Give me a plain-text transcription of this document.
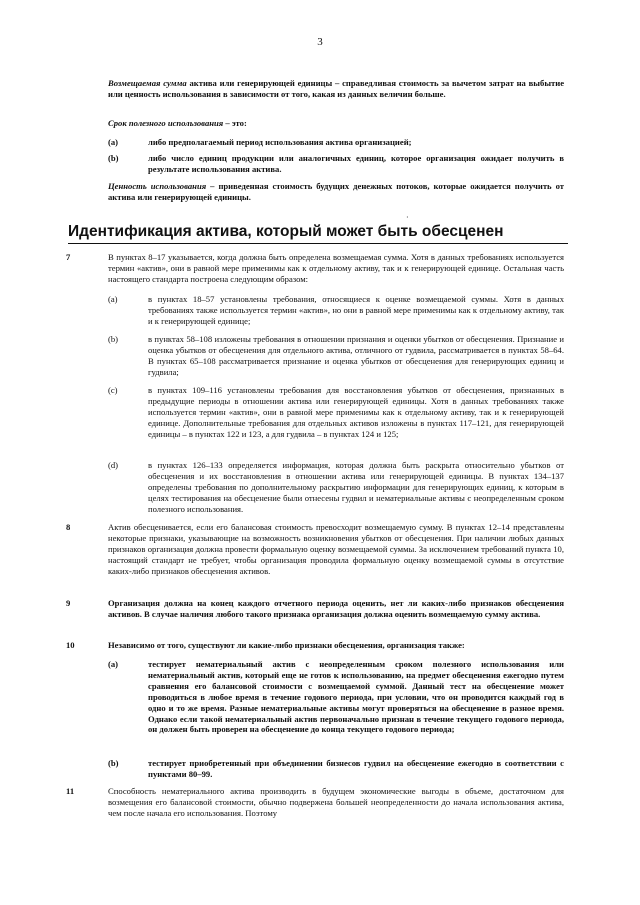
3
Возмещаемая сумма актива или генерирующей единицы – справедливая стоимость за вычетом затрат на выбытие или ценность использования в зависимости от того, какая из данных величин больше.
Срок полезного использования – это:
(a)	либо предполагаемый период использования актива организацией;
(b)	либо число единиц продукции или аналогичных единиц, которое организация ожидает получить в результате использования актива.
Ценность использования – приведенная стоимость будущих денежных потоков, которые ожидается получить от актива или генерирующей единицы.
·
Идентификация актива, который может быть обесценен
7	В пунктах 8–17 указывается, когда должна быть определена возмещаемая сумма. Хотя в данных требованиях используется термин «актив», они в равной мере применимы как к отдельному активу, так и к генерирующей единице. Остальная часть настоящего стандарта построена следующим образом:
(a)	в пунктах 18–57 установлены требования, относящиеся к оценке возмещаемой суммы. Хотя в данных требованиях также используется термин «актив», но они в равной мере применимы как к отдельному активу, так и к генерирующей единице;
(b)	в пунктах 58–108 изложены требования в отношении признания и оценки убытков от обесценения. Признание и оценка убытков от обесценения для отдельного актива, отличного от гудвила, рассматривается в пунктах 58–64. В пунктах 65–108 рассматривается признание и оценка убытков от обесценения для генерирующих единиц и гудвила;
(c)	в пунктах 109–116 установлены требования для восстановления убытков от обесценения, признанных в предыдущие периоды в отношении актива или генерирующей единицы. Хотя в данных требованиях также используется термин «актив», они в равной мере применимы как к отдельному активу, так и к генерирующей единице. Дополнительные требования для отдельных активов изложены в пунктах 117–121, для генерирующей единицы – в пунктах 122 и 123, а для гудвила – в пунктах 124 и 125;
(d)	в пунктах 126–133 определяется информация, которая должна быть раскрыта относительно убытков от обесценения и их восстановления в отношении актива или генерирующей единицы. В пунктах 134–137 определены требования по дополнительному раскрытию информации для генерирующих единиц, к которым в целях тестирования на обесценение были отнесены гудвил и нематериальные активы с неопределенным сроком полезного использования.
8	Актив обесценивается, если его балансовая стоимость превосходит возмещаемую сумму. В пунктах 12–14 представлены некоторые признаки, указывающие на возможность возникновения убытков от обесценения. При наличии любых данных признаков организация должна провести формальную оценку возмещаемой суммы. За исключением требований пункта 10, настоящий стандарт не требует, чтобы организация проводила формальную оценку возмещаемой суммы в отсутствие каких-либо признаков обесценения активов.
9	Организация должна на конец каждого отчетного периода оценить, нет ли каких-либо признаков обесценения активов. В случае наличия любого такого признака организация должна оценить возмещаемую сумму актива.
10	Независимо от того, существуют ли какие-либо признаки обесценения, организация также:
(a)	тестирует нематериальный актив с неопределенным сроком полезного использования или нематериальный актив, который еще не готов к использованию, на предмет обесценения ежегодно путем сравнения его балансовой стоимости с возмещаемой суммой. Данный тест на обесценение может проводиться в любое время в течение годового периода, при условии, что он проводится каждый год в одно и то же время. Разные нематериальные активы могут проверяться на обесценение в разное время. Однако если такой нематериальный актив первоначально признан в течение текущего годового периода, он должен быть проверен на обесценение до конца текущего годового периода;
(b)	тестирует приобретенный при объединении бизнесов гудвил на обесценение ежегодно в соответствии с пунктами 80–99.
11	Способность нематериального актива производить в будущем экономические выгоды в объеме, достаточном для возмещения его балансовой стоимости, обычно подвержена большей неопределенности до начала использования актива, чем после начала его использования. Поэтому
